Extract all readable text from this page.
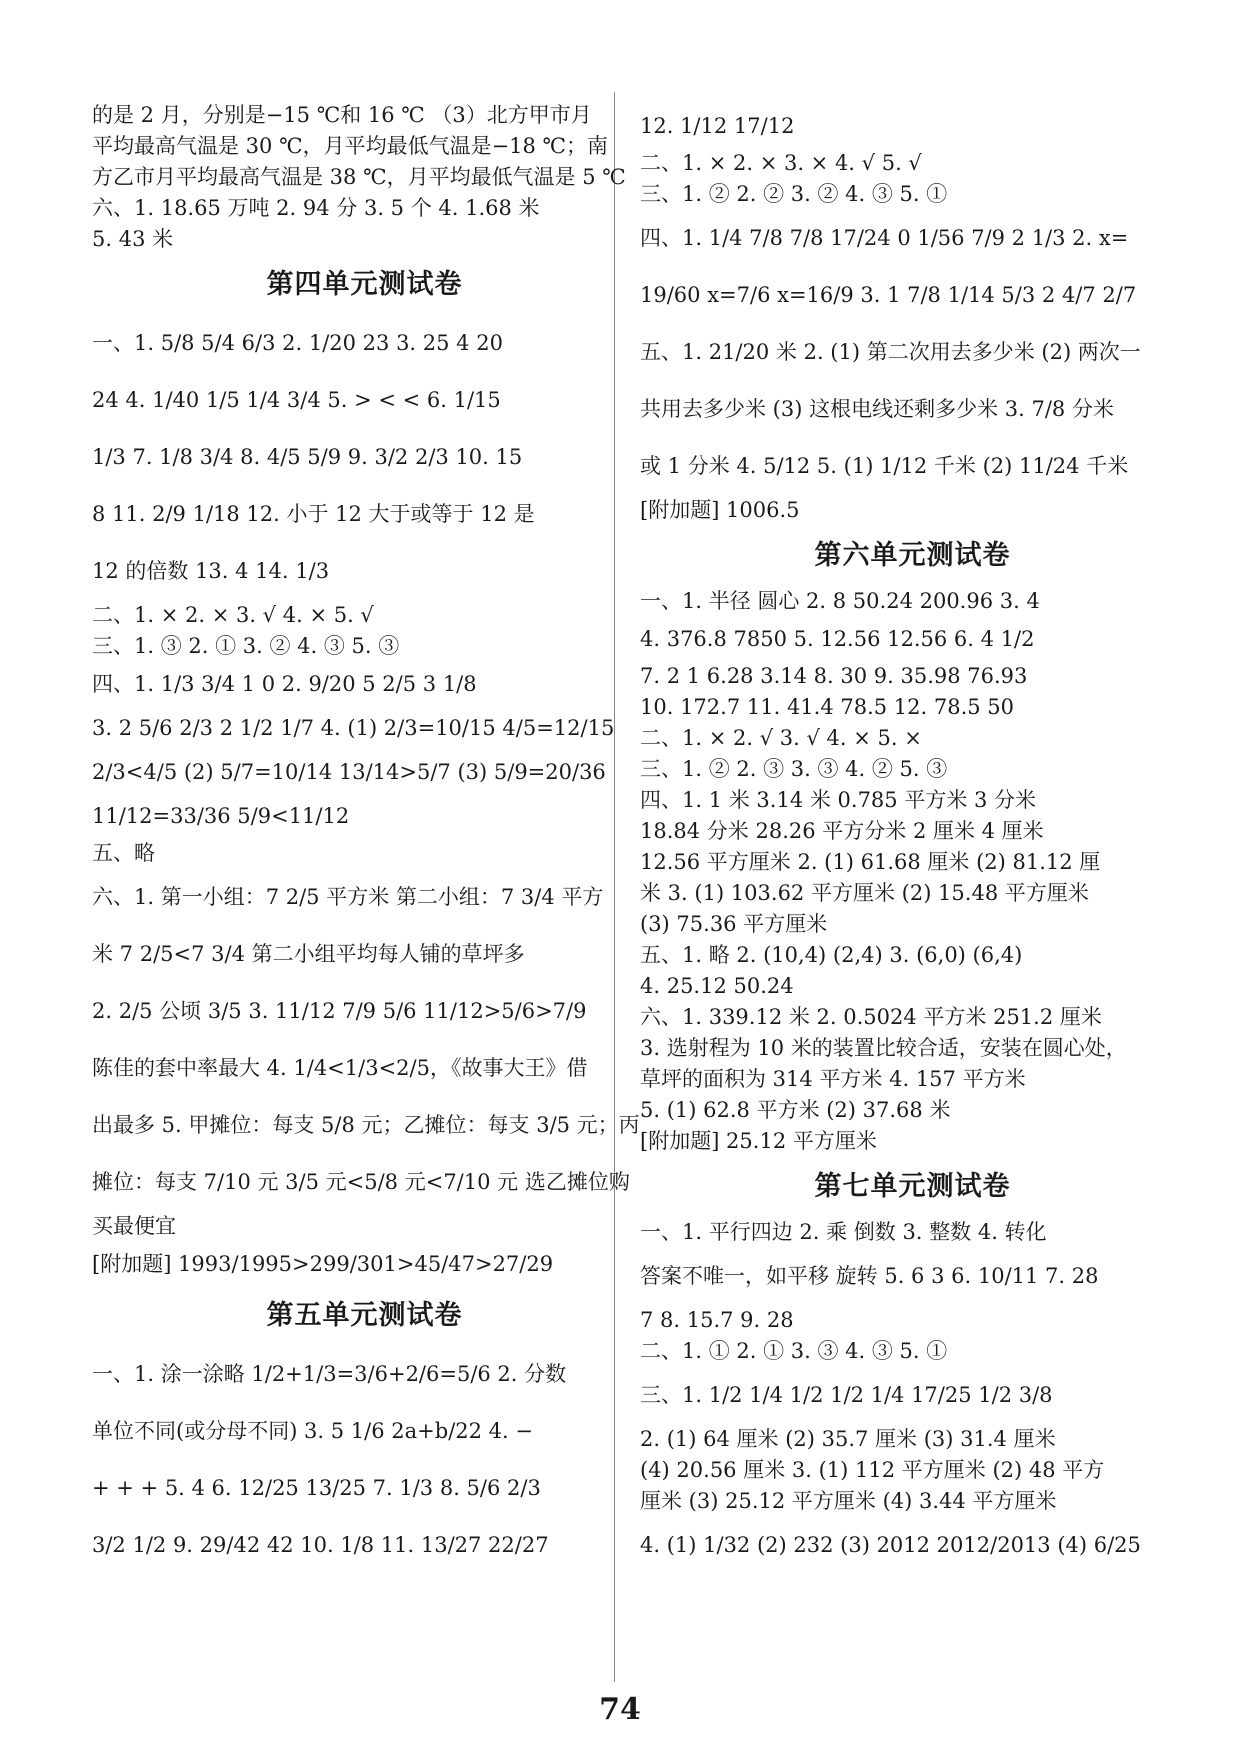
的是 2 月，分别是−15 ℃和 16 ℃ （3）北方甲市月
平均最高气温是 30 ℃，月平均最低气温是−18 ℃；南
方乙市月平均最高气温是 38 ℃，月平均最低气温是 5 ℃
六、1. 18.65 万吨 2. 94 分 3. 5 个 4. 1.68 米
5. 43 米
第四单元测试卷
一、1. 5/8 5/4 6/3 2. 1/20 23 3. 25 4 20
24 4. 1/40 1/5 1/4 3/4 5. > < < 6. 1/15
1/3 7. 1/8 3/4 8. 4/5 5/9 9. 3/2 2/3 10. 15
8 11. 2/9 1/18 12. 小于 12 大于或等于 12 是
12 的倍数 13. 4 14. 1/3
二、1. × 2. × 3. √ 4. × 5. √
三、1. ③ 2. ① 3. ② 4. ③ 5. ③
四、1. 1/3 3/4 1 0 2. 9/20 5 2/5 3 1/8
3. 2 5/6 2/3 2 1/2 1/7 4. (1) 2/3=10/15 4/5=12/15
2/3<4/5 (2) 5/7=10/14 13/14>5/7 (3) 5/9=20/36
11/12=33/36 5/9<11/12
五、略
六、1. 第一小组：7 2/5 平方米 第二小组：7 3/4 平方
米 7 2/5<7 3/4 第二小组平均每人铺的草坪多
2. 2/5 公顷 3/5 3. 11/12 7/9 5/6 11/12>5/6>7/9
陈佳的套中率最大 4. 1/4<1/3<2/5，《故事大王》借
出最多 5. 甲摊位：每支 5/8 元；乙摊位：每支 3/5 元；丙
摊位：每支 7/10 元 3/5 元<5/8 元<7/10 元 选乙摊位购
买最便宜
[附加题] 1993/1995>299/301>45/47>27/29
第五单元测试卷
一、1. 涂一涂略 1/2+1/3=3/6+2/6=5/6 2. 分数
单位不同(或分母不同) 3. 5 1/6 2a+b/22 4. −
+ + + 5. 4 6. 12/25 13/25 7. 1/3 8. 5/6 2/3
3/2 1/2 9. 29/42 42 10. 1/8 11. 13/27 22/27
12. 1/12 17/12
二、1. × 2. × 3. × 4. √ 5. √
三、1. ② 2. ② 3. ② 4. ③ 5. ①
四、1. 1/4 7/8 7/8 17/24 0 1/56 7/9 2 1/3 2. x=
19/60 x=7/6 x=16/9 3. 1 7/8 1/14 5/3 2 4/7 2/7
五、1. 21/20 米 2. (1) 第二次用去多少米 (2) 两次一
共用去多少米 (3) 这根电线还剩多少米 3. 7/8 分米
或 1 分米 4. 5/12 5. (1) 1/12 千米 (2) 11/24 千米
[附加题] 1006.5
第六单元测试卷
一、1. 半径 圆心 2. 8 50.24 200.96 3. 4
4. 376.8 7850 5. 12.56 12.56 6. 4 1/2
7. 2 1 6.28 3.14 8. 30 9. 35.98 76.93
10. 172.7 11. 41.4 78.5 12. 78.5 50
二、1. × 2. √ 3. √ 4. × 5. ×
三、1. ② 2. ③ 3. ③ 4. ② 5. ③
四、1. 1 米 3.14 米 0.785 平方米 3 分米
18.84 分米 28.26 平方分米 2 厘米 4 厘米
12.56 平方厘米 2. (1) 61.68 厘米 (2) 81.12 厘
米 3. (1) 103.62 平方厘米 (2) 15.48 平方厘米
(3) 75.36 平方厘米
五、1. 略 2. (10,4) (2,4) 3. (6,0) (6,4)
4. 25.12 50.24
六、1. 339.12 米 2. 0.5024 平方米 251.2 厘米
3. 选射程为 10 米的装置比较合适，安装在圆心处，
草坪的面积为 314 平方米 4. 157 平方米
5. (1) 62.8 平方米 (2) 37.68 米
[附加题] 25.12 平方厘米
第七单元测试卷
一、1. 平行四边 2. 乘 倒数 3. 整数 4. 转化
答案不唯一，如平移 旋转 5. 6 3 6. 10/11 7. 28
7 8. 15.7 9. 28
二、1. ① 2. ① 3. ③ 4. ③ 5. ①
三、1. 1/2 1/4 1/2 1/2 1/4 17/25 1/2 3/8
2. (1) 64 厘米 (2) 35.7 厘米 (3) 31.4 厘米
(4) 20.56 厘米 3. (1) 112 平方厘米 (2) 48 平方
厘米 (3) 25.12 平方厘米 (4) 3.44 平方厘米
4. (1) 1/32 (2) 232 (3) 2012 2012/2013 (4) 6/25
74
